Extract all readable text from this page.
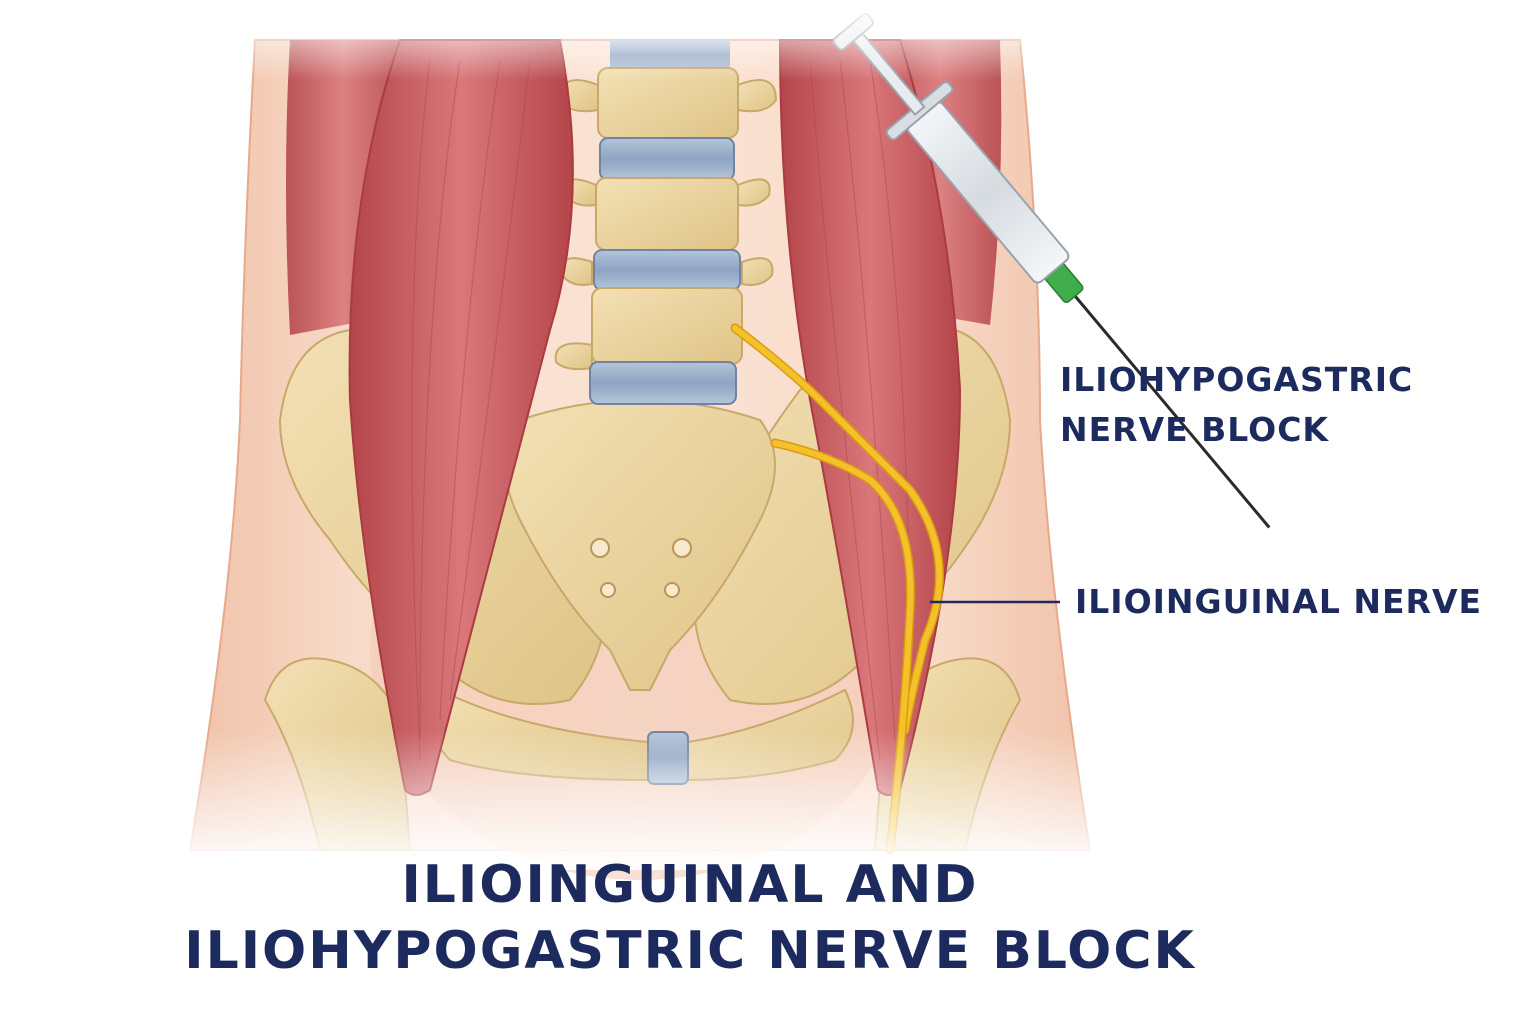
ILIOHYPOGASTRIC
NERVE BLOCK
ILIOINGUINAL NERVE
ILIOINGUINAL AND
ILIOHYPOGASTRIC NERVE BLOCK
